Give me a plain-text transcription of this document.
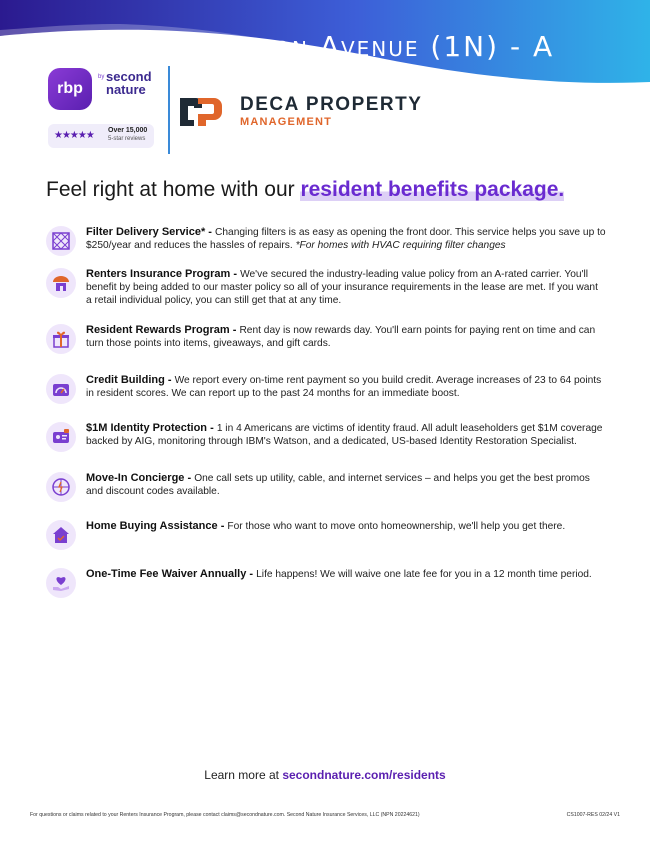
…ton Avenue (1N) - A
rbp
by second
nature
★★★★★ Over 15,000
5-star reviews
DECA PROPERTY
MANAGEMENT
Feel right at home with our resident benefits package.
Filter Delivery Service* - Changing filters is as easy as opening the front door. This service helps you save up to $250/year and reduces the hassles of repairs. *For homes with HVAC requiring filter changes
Renters Insurance Program - We've secured the industry-leading value policy from an A-rated carrier. You'll benefit by being added to our master policy so all of your insurance requirements in the lease are met. If you want a retail individual policy, you can still get that at any time.
Resident Rewards Program - Rent day is now rewards day. You'll earn points for paying rent on time and can turn those points into items, giveaways, and gift cards.
Credit Building - We report every on-time rent payment so you build credit. Average increases of 23 to 64 points in resident scores. We can report up to the past 24 months for an immediate boost.
$1M Identity Protection - 1 in 4 Americans are victims of identity fraud. All adult leaseholders get $1M coverage backed by AIG, monitoring through IBM's Watson, and a dedicated, US-based Identity Restoration Specialist.
Move-In Concierge - One call sets up utility, cable, and internet services – and helps you get the best promos and discount codes available.
Home Buying Assistance - For those who want to move onto homeownership, we'll help you get there.
One-Time Fee Waiver Annually - Life happens! We will waive one late fee for you in a 12 month time period.
Learn more at secondnature.com/residents
For questions or claims related to your Renters Insurance Program, please contact claims@secondnature.com. Second Nature Insurance Services, LLC (NPN 20224621)	CS1007-RES 02/24 V1
